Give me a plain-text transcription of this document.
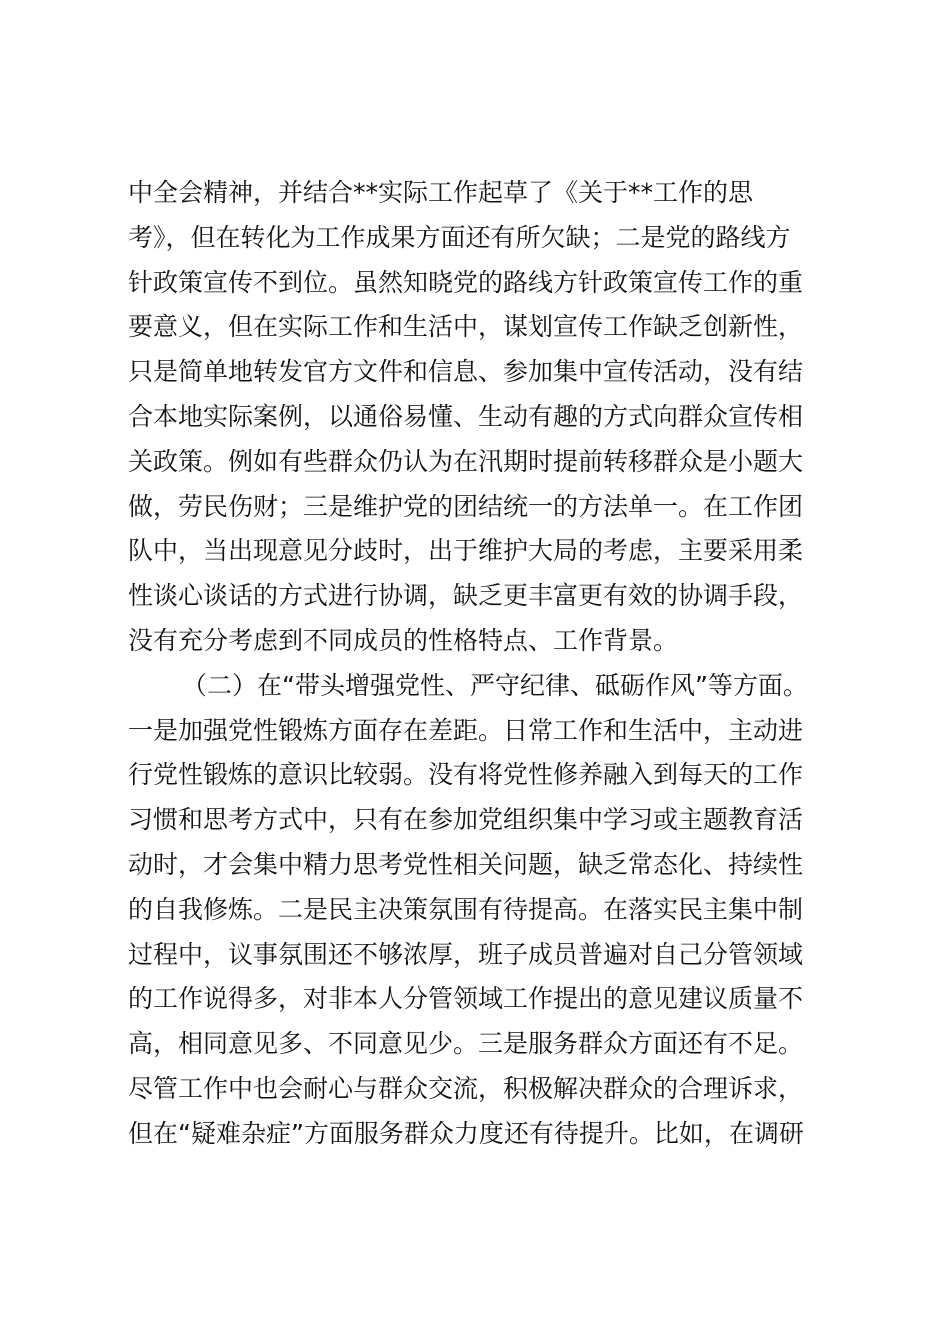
中全会精神，并结合**实际工作起草了《关于**工作的思
考》，但在转化为工作成果方面还有所欠缺；二是党的路线方
针政策宣传不到位。虽然知晓党的路线方针政策宣传工作的重
要意义，但在实际工作和生活中，谋划宣传工作缺乏创新性，
只是简单地转发官方文件和信息、参加集中宣传活动，没有结
合本地实际案例，以通俗易懂、生动有趣的方式向群众宣传相
关政策。例如有些群众仍认为在汛期时提前转移群众是小题大
做，劳民伤财；三是维护党的团结统一的方法单一。在工作团
队中，当出现意见分歧时，出于维护大局的考虑，主要采用柔
性谈心谈话的方式进行协调，缺乏更丰富更有效的协调手段，
没有充分考虑到不同成员的性格特点、工作背景。
（二）在“带头增强党性、严守纪律、砥砺作风”等方面。
一是加强党性锻炼方面存在差距。日常工作和生活中，主动进
行党性锻炼的意识比较弱。没有将党性修养融入到每天的工作
习惯和思考方式中，只有在参加党组织集中学习或主题教育活
动时，才会集中精力思考党性相关问题，缺乏常态化、持续性
的自我修炼。二是民主决策氛围有待提高。在落实民主集中制
过程中，议事氛围还不够浓厚，班子成员普遍对自己分管领域
的工作说得多，对非本人分管领域工作提出的意见建议质量不
高，相同意见多、不同意见少。三是服务群众方面还有不足。
尽管工作中也会耐心与群众交流，积极解决群众的合理诉求，
但在“疑难杂症”方面服务群众力度还有待提升。比如，在调研
